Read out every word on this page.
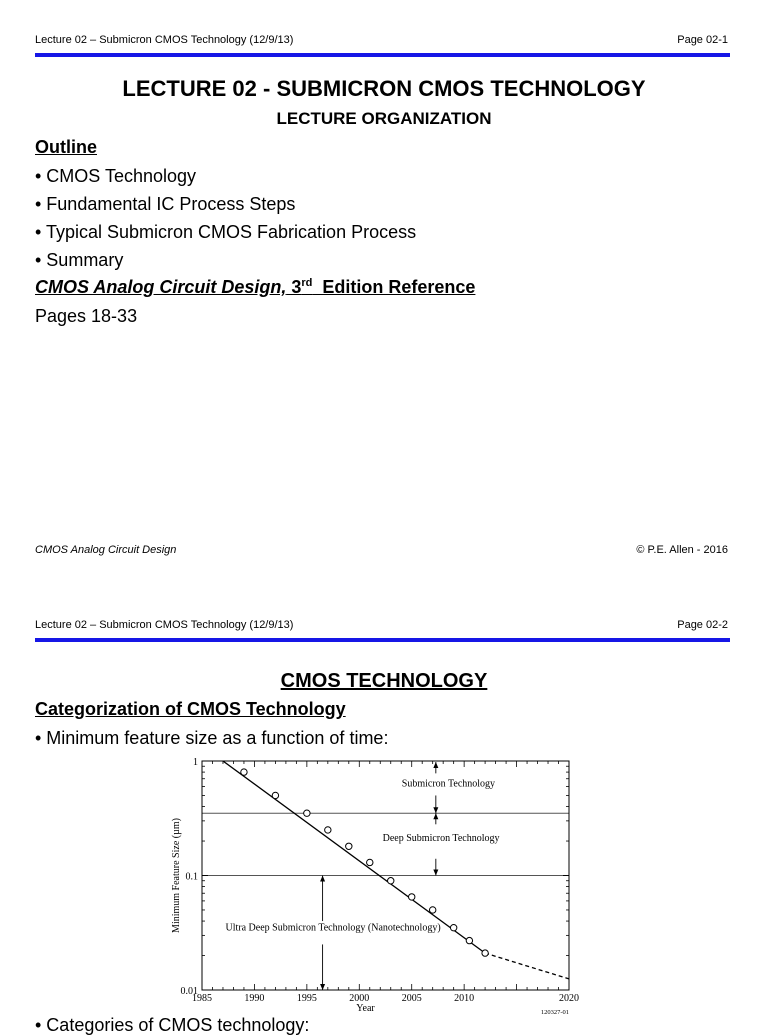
Lecture 02 – Submicron CMOS Technology (12/9/13)	Page 02-1
LECTURE 02 - SUBMICRON CMOS TECHNOLOGY
LECTURE ORGANIZATION
Outline
• CMOS Technology
• Fundamental IC Process Steps
• Typical Submicron CMOS Fabrication Process
• Summary
CMOS Analog Circuit Design, 3rd  Edition Reference
Pages 18-33
CMOS Analog Circuit Design	© P.E. Allen - 2016
Lecture 02 – Submicron CMOS Technology (12/9/13)	Page 02-2
CMOS TECHNOLOGY
Categorization of CMOS Technology
• Minimum feature size as a function of time:
1985	1990	1995	2000	2005	2010	2020
1
0.1
0.01
Year
Minimum Feature Size (µm)
Submicron Technology
Deep Submicron Technology
Ultra Deep Submicron Technology (Nanotechnology)
120327-01
• Categories of CMOS technology:
